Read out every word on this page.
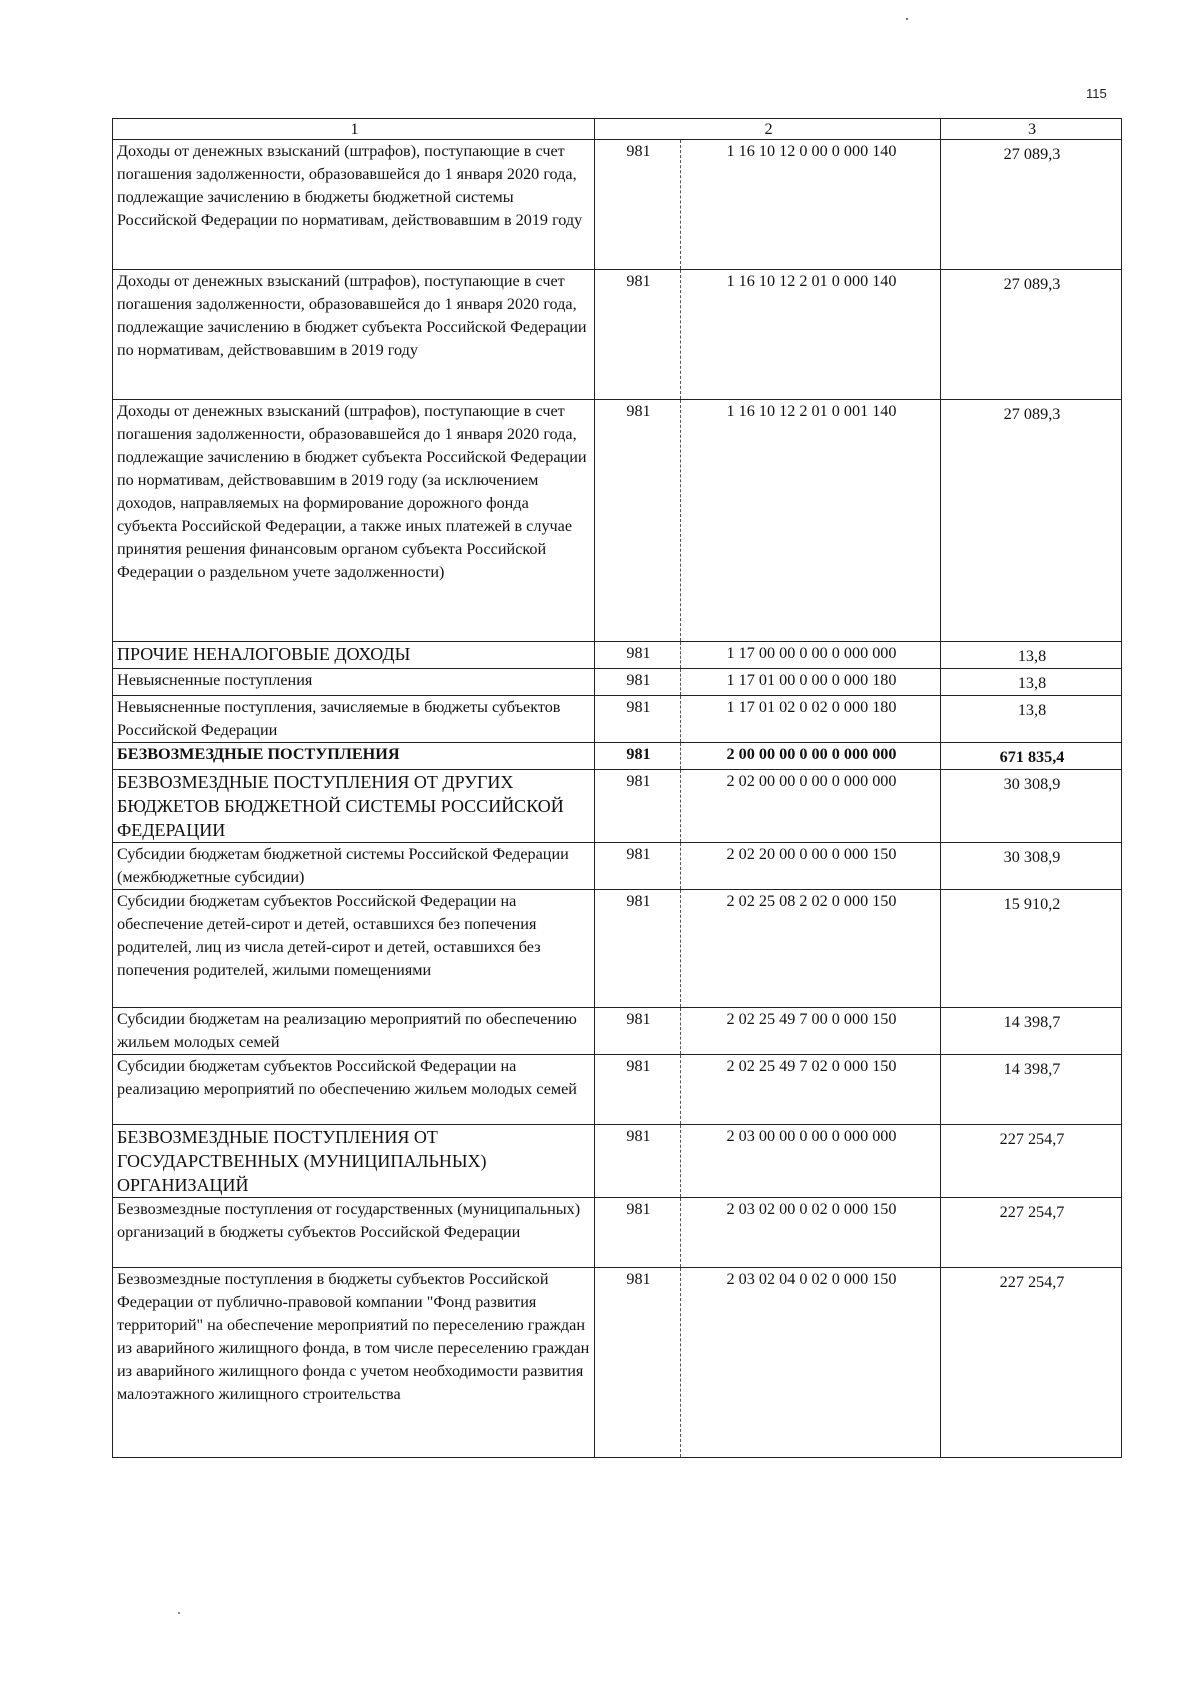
115
1	2		3
Доходы от денежных взысканий (штрафов), поступающие в счет погашения задолженности, образовавшейся до 1 января 2020 года, подлежащие зачислению в бюджеты бюджетной системы Российской Федерации по нормативам, действовавшим в 2019 году	981	1 16 10 12 0 00 0 000 140	27 089,3
Доходы от денежных взысканий (штрафов), поступающие в счет погашения задолженности, образовавшейся до 1 января 2020 года, подлежащие зачислению в бюджет субъекта Российской Федерации по нормативам, действовавшим в 2019 году	981	1 16 10 12 2 01 0 000 140	27 089,3
Доходы от денежных взысканий (штрафов), поступающие в счет погашения задолженности, образовавшейся до 1 января 2020 года, подлежащие зачислению в бюджет субъекта Российской Федерации по нормативам, действовавшим в 2019 году (за исключением доходов, направляемых на формирование дорожного фонда субъекта Российской Федерации, а также иных платежей в случае принятия решения финансовым органом субъекта Российской Федерации о раздельном учете задолженности)	981	1 16 10 12 2 01 0 001 140	27 089,3
ПРОЧИЕ НЕНАЛОГОВЫЕ ДОХОДЫ	981	1 17 00 00 0 00 0 000 000	13,8
Невыясненные поступления	981	1 17 01 00 0 00 0 000 180	13,8
Невыясненные поступления, зачисляемые в бюджеты субъектов Российской Федерации	981	1 17 01 02 0 02 0 000 180	13,8
БЕЗВОЗМЕЗДНЫЕ ПОСТУПЛЕНИЯ	981	2 00 00 00 0 00 0 000 000	671 835,4
БЕЗВОЗМЕЗДНЫЕ ПОСТУПЛЕНИЯ ОТ ДРУГИХ БЮДЖЕТОВ БЮДЖЕТНОЙ СИСТЕМЫ РОССИЙСКОЙ ФЕДЕРАЦИИ	981	2 02 00 00 0 00 0 000 000	30 308,9
Субсидии бюджетам бюджетной системы Российской Федерации (межбюджетные субсидии)	981	2 02 20 00 0 00 0 000 150	30 308,9
Субсидии бюджетам субъектов Российской Федерации на обеспечение детей-сирот и детей, оставшихся без попечения родителей, лиц из числа детей-сирот и детей, оставшихся без попечения родителей, жилыми помещениями	981	2 02 25 08 2 02 0 000 150	15 910,2
Субсидии бюджетам на реализацию мероприятий по обеспечению жильем молодых семей	981	2 02 25 49 7 00 0 000 150	14 398,7
Субсидии бюджетам субъектов Российской Федерации на реализацию мероприятий по обеспечению жильем молодых семей	981	2 02 25 49 7 02 0 000 150	14 398,7
БЕЗВОЗМЕЗДНЫЕ ПОСТУПЛЕНИЯ ОТ ГОСУДАРСТВЕННЫХ (МУНИЦИПАЛЬНЫХ) ОРГАНИЗАЦИЙ	981	2 03 00 00 0 00 0 000 000	227 254,7
Безвозмездные поступления от государственных (муниципальных) организаций в бюджеты субъектов Российской Федерации	981	2 03 02 00 0 02 0 000 150	227 254,7
Безвозмездные поступления в бюджеты субъектов Российской Федерации от публично-правовой компании "Фонд развития территорий" на обеспечение мероприятий по переселению граждан из аварийного жилищного фонда, в том числе переселению граждан из аварийного жилищного фонда с учетом необходимости развития малоэтажного жилищного строительства	981	2 03 02 04 0 02 0 000 150	227 254,7
